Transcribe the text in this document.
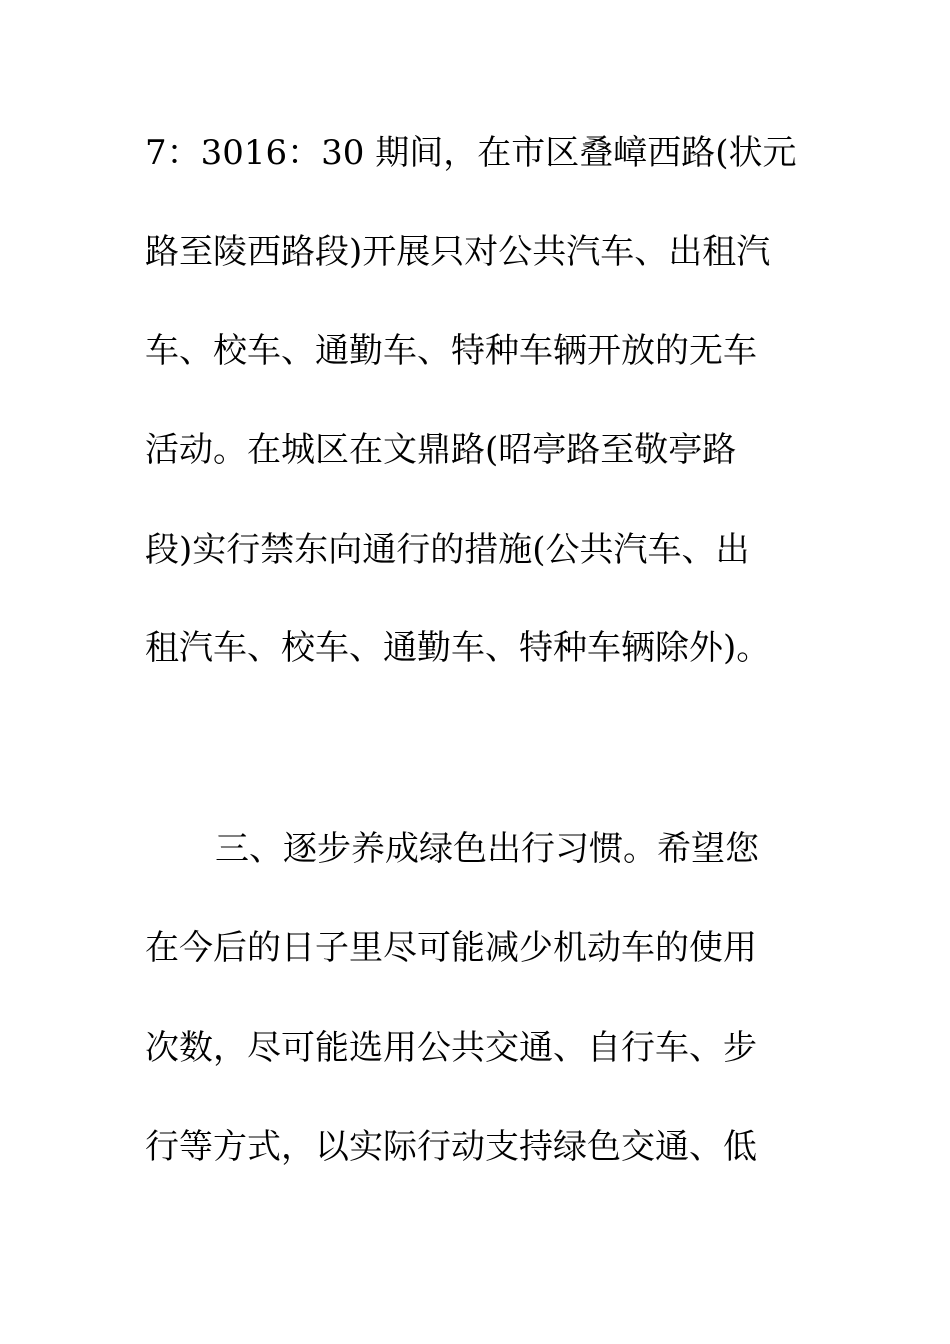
7：3016：30 期间，在市区叠嶂西路(状元
路至陵西路段)开展只对公共汽车、出租汽
车、校车、通勤车、特种车辆开放的无车
活动。在城区在文鼎路(昭亭路至敬亭路
段)实行禁东向通行的措施(公共汽车、出
租汽车、校车、通勤车、特种车辆除外)。
三、逐步养成绿色出行习惯。希望您
在今后的日子里尽可能减少机动车的使用
次数，尽可能选用公共交通、自行车、步
行等方式，以实际行动支持绿色交通、低
